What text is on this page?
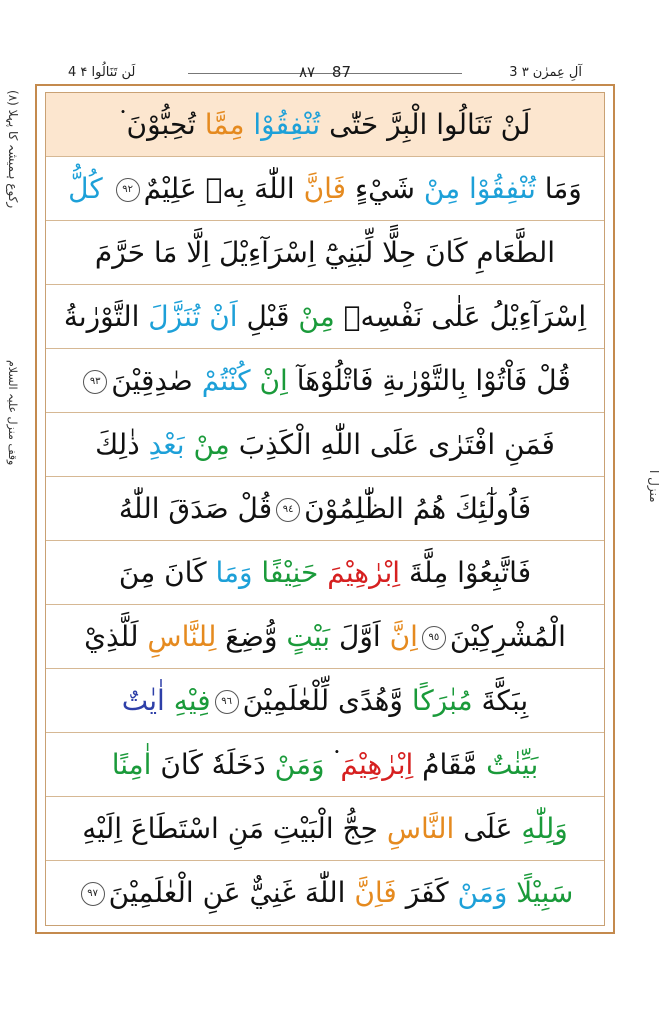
4 لَن تَنَالُوا ۴	٨٧ 87	3 آلِ عِمرٰن ۳
(٨) رکوع ہمیشہ کا پہلا
وقف منزل علیہ السلام
منزل ا
لَنْ تَنَالُوا الْبِرَّ حَتّٰى تُنْفِقُوْا مِمَّا تُحِبُّوْنَ ۬
وَمَا تُنْفِقُوْا مِنْ شَيْءٍ فَاِنَّ اللّٰهَ بِهٖ عَلِيْمٌ٩٢ كُلُّ
الطَّعَامِ كَانَ حِلًّا لِّبَنِيْٓ اِسْرَآءِيْلَ اِلَّا مَا حَرَّمَ
اِسْرَآءِيْلُ عَلٰى نَفْسِهٖ مِنْ قَبْلِ اَنْ تُنَزَّلَ التَّوْرٰىةُ
قُلْ فَاْتُوْا بِالتَّوْرٰىةِ فَاتْلُوْهَآ اِنْ كُنْتُمْ صٰدِقِيْنَ٩٣
فَمَنِ افْتَرٰى عَلَى اللّٰهِ الْكَذِبَ مِنْ بَعْدِ ذٰلِكَ
فَاُولٰٓئِكَ هُمُ الظّٰلِمُوْنَ٩٤قُلْ صَدَقَ اللّٰهُ
فَاتَّبِعُوْا مِلَّةَ اِبْرٰهِيْمَ حَنِيْفًا وَمَا كَانَ مِنَ
الْمُشْرِكِيْنَ٩٥اِنَّ اَوَّلَ بَيْتٍ وُّضِعَ لِلنَّاسِ لَلَّذِيْ
بِبَكَّةَ مُبٰرَكًا وَّهُدًى لِّلْعٰلَمِيْنَ٩٦فِيْهِ اٰيٰتٌ
بَيِّنٰتٌ مَّقَامُ اِبْرٰهِيْمَ ۬ وَمَنْ دَخَلَهٗ كَانَ اٰمِنًا
وَلِلّٰهِ عَلَى النَّاسِ حِجُّ الْبَيْتِ مَنِ اسْتَطَاعَ اِلَيْهِ
سَبِيْلًا وَمَنْ كَفَرَ فَاِنَّ اللّٰهَ غَنِيٌّ عَنِ الْعٰلَمِيْنَ٩٧
